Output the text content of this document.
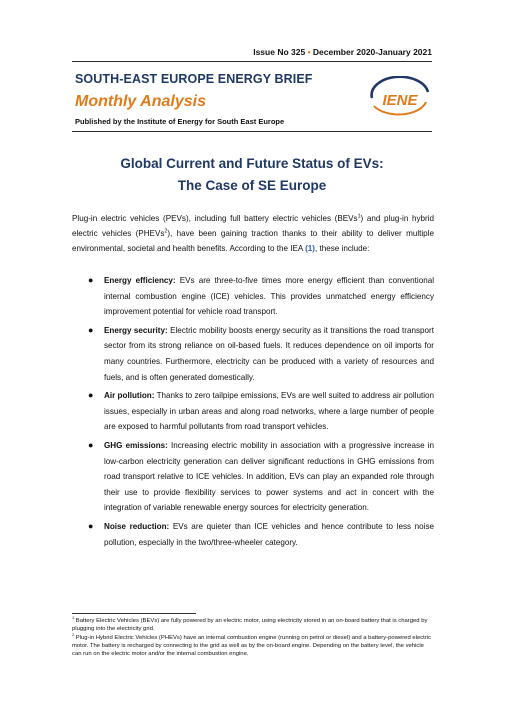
Issue No 325 • December 2020-January 2021
SOUTH-EAST EUROPE ENERGY BRIEF
Monthly Analysis
Published by the Institute of Energy for South East Europe
IENE
Global Current and Future Status of EVs:
The Case of SE Europe
Plug-in electric vehicles (PEVs), including full battery electric vehicles (BEVs$^1$) and plug-in hybrid electric vehicles (PHEVs$^2$), have been gaining traction thanks to their ability to deliver multiple environmental, societal and health benefits. According to the IEA (1), these include:
● Energy efficiency: EVs are three-to-five times more energy efficient than conventional internal combustion engine (ICE) vehicles. This provides unmatched energy efficiency improvement potential for vehicle road transport.
● Energy security: Electric mobility boosts energy security as it transitions the road transport sector from its strong reliance on oil-based fuels. It reduces dependence on oil imports for many countries. Furthermore, electricity can be produced with a variety of resources and fuels, and is often generated domestically.
● Air pollution: Thanks to zero tailpipe emissions, EVs are well suited to address air pollution issues, especially in urban areas and along road networks, where a large number of people are exposed to harmful pollutants from road transport vehicles.
● GHG emissions: Increasing electric mobility in association with a progressive increase in low-carbon electricity generation can deliver significant reductions in GHG emissions from road transport relative to ICE vehicles. In addition, EVs can play an expanded role through their use to provide flexibility services to power systems and act in concert with the integration of variable renewable energy sources for electricity generation.
● Noise reduction: EVs are quieter than ICE vehicles and hence contribute to less noise pollution, especially in the two/three-wheeler category.

$^1$ Battery Electric Vehicles (BEVs) are fully powered by an electric motor, using electricity stored in an on-board battery that is charged by plugging into the electricity grid.

$^2$ Plug-in Hybrid Electric Vehicles (PHEVs) have an internal combustion engine (running on petrol or diesel) and a battery-powered electric motor. The battery is recharged by connecting to the grid as well as by the on-board engine. Depending on the battery level, the vehicle can run on the electric motor and/or the internal combustion engine.
